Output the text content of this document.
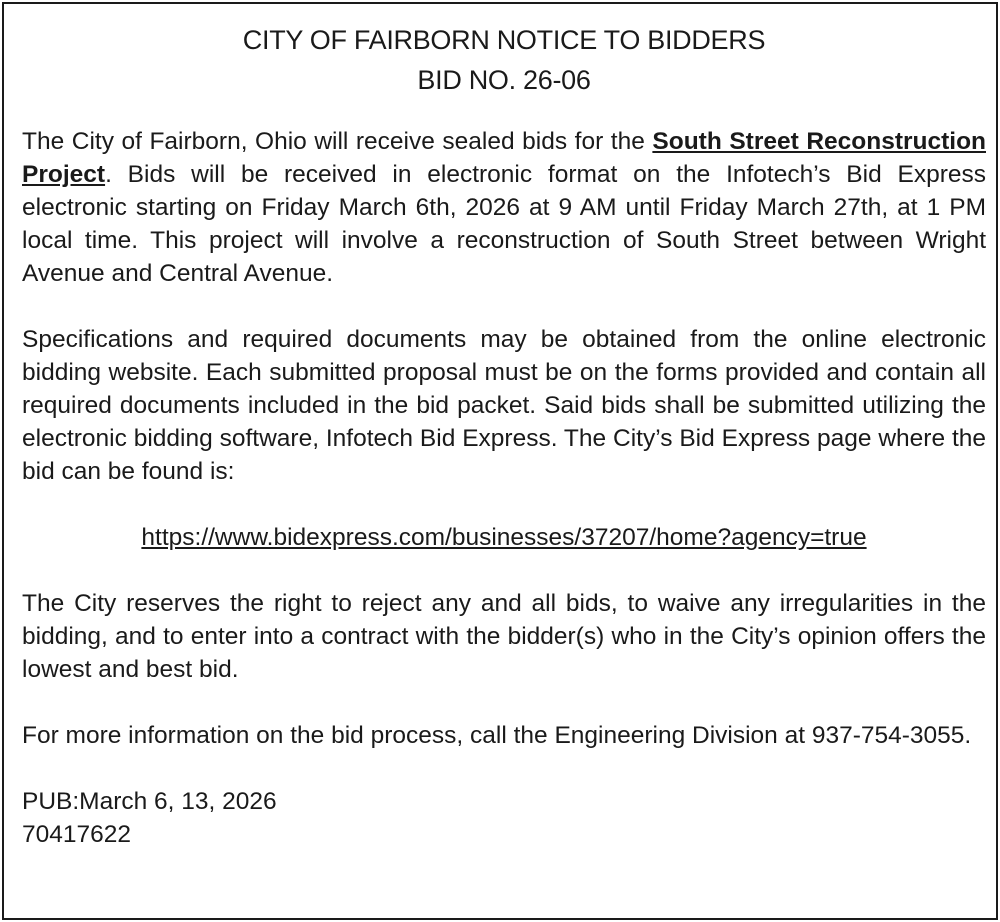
CITY OF FAIRBORN NOTICE TO BIDDERS
BID NO. 26-06

The City of Fairborn, Ohio will receive sealed bids for the South Street Reconstruction Project. Bids will be received in electronic format on the Infotech’s Bid Express electronic starting on Friday March 6th, 2026 at 9 AM until Friday March 27th, at 1 PM local time. This project will involve a reconstruction of South Street between Wright Avenue and Central Avenue.

Specifications and required documents may be obtained from the online electronic bidding website. Each submitted proposal must be on the forms provided and contain all required documents included in the bid packet. Said bids shall be submitted utilizing the electronic bidding software, Infotech Bid Express. The City’s Bid Express page where the bid can be found is:

https://www.bidexpress.com/businesses/37207/home?agency=true

The City reserves the right to reject any and all bids, to waive any irregularities in the bidding, and to enter into a contract with the bidder(s) who in the City’s opinion offers the lowest and best bid.

For more information on the bid process, call the Engineering Division at 937-754-3055.

PUB:March 6, 13, 2026

70417622
